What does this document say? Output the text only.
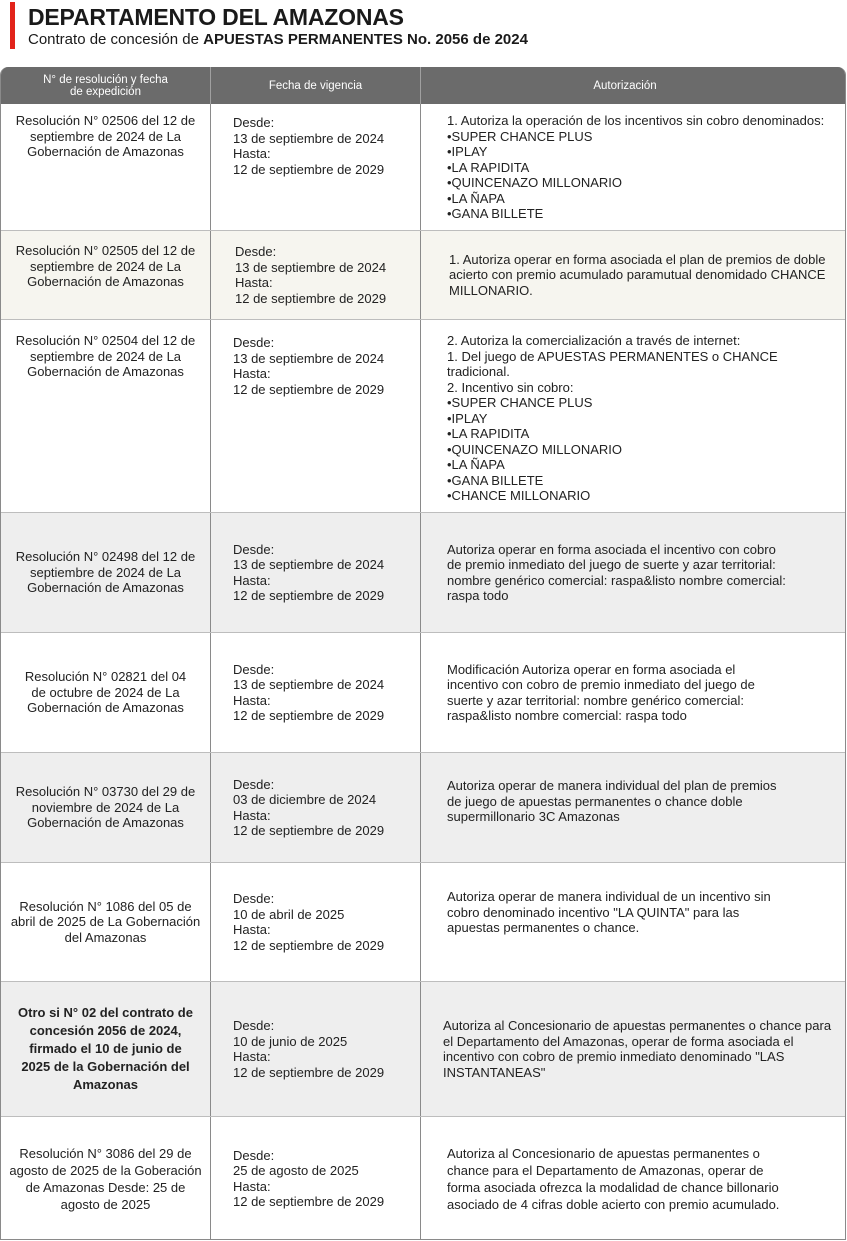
DEPARTAMENTO DEL AMAZONAS
Contrato de concesión de APUESTAS PERMANENTES No. 2056 de 2024
N° de resolución y fecha de expedición	Fecha de vigencia	Autorización
Resolución N° 02506 del 12 de septiembre de 2024 de La Gobernación de Amazonas
Desde:
13 de septiembre de 2024
Hasta:
12 de septiembre de 2029
1. Autoriza la operación de los incentivos sin cobro denominados:
•SUPER CHANCE PLUS
•IPLAY
•LA RAPIDITA
•QUINCENAZO MILLONARIO
•LA ÑAPA
•GANA BILLETE
Resolución N° 02505 del 12 de septiembre de 2024 de La Gobernación de Amazonas
Desde:
13 de septiembre de 2024
Hasta:
12 de septiembre de 2029
1. Autoriza operar en forma asociada el plan de premios de doble acierto con premio acumulado paramutual denomidado CHANCE MILLONARIO.
Resolución N° 02504 del 12 de septiembre de 2024 de La Gobernación de Amazonas
Desde:
13 de septiembre de 2024
Hasta:
12 de septiembre de 2029
2. Autoriza la comercialización a través de internet:
1. Del juego de APUESTAS PERMANENTES o CHANCE tradicional.
2. Incentivo sin cobro:
•SUPER CHANCE PLUS
•IPLAY
•LA RAPIDITA
•QUINCENAZO MILLONARIO
•LA ÑAPA
•GANA BILLETE
•CHANCE MILLONARIO
Resolución N° 02498 del 12 de septiembre de 2024 de La Gobernación de Amazonas
Desde:
13 de septiembre de 2024
Hasta:
12 de septiembre de 2029
Autoriza operar en forma asociada el incentivo con cobro de premio inmediato del juego de suerte y azar territorial: nombre genérico comercial: raspa&listo nombre comercial: raspa todo
Resolución N° 02821 del 04 de octubre de 2024 de La Gobernación de Amazonas
Desde:
13 de septiembre de 2024
Hasta:
12 de septiembre de 2029
Modificación Autoriza operar en forma asociada el incentivo con cobro de premio inmediato del juego de suerte y azar territorial: nombre genérico comercial: raspa&listo nombre comercial: raspa todo
Resolución N° 03730 del 29 de noviembre de 2024 de La Gobernación de Amazonas
Desde:
03 de diciembre de 2024
Hasta:
12 de septiembre de 2029
Autoriza operar de manera individual del plan de premios de juego de apuestas permanentes o chance doble supermillonario 3C Amazonas
Resolución N° 1086 del 05 de abril de 2025 de La Gobernación del Amazonas
Desde:
10 de abril de 2025
Hasta:
12 de septiembre de 2029
Autoriza operar de manera individual de un incentivo sin cobro denominado incentivo "LA QUINTA" para las apuestas permanentes o chance.
Otro si N° 02 del contrato de concesión 2056 de 2024, firmado el 10 de junio de 2025 de la Gobernación del Amazonas
Desde:
10 de junio de 2025
Hasta:
12 de septiembre de 2029
Autoriza al Concesionario de apuestas permanentes o chance para el Departamento del Amazonas, operar de forma asociada el incentivo con cobro de premio inmediato denominado "LAS INSTANTANEAS"
Resolución N° 3086 del 29 de agosto de 2025 de la Goberación de Amazonas Desde: 25 de agosto de 2025
Desde:
25 de agosto de 2025
Hasta:
12 de septiembre de 2029
Autoriza al Concesionario de apuestas permanentes o chance para el Departamento de Amazonas, operar de forma asociada ofrezca la modalidad de chance billonario asociado de 4 cifras doble acierto con premio acumulado.
